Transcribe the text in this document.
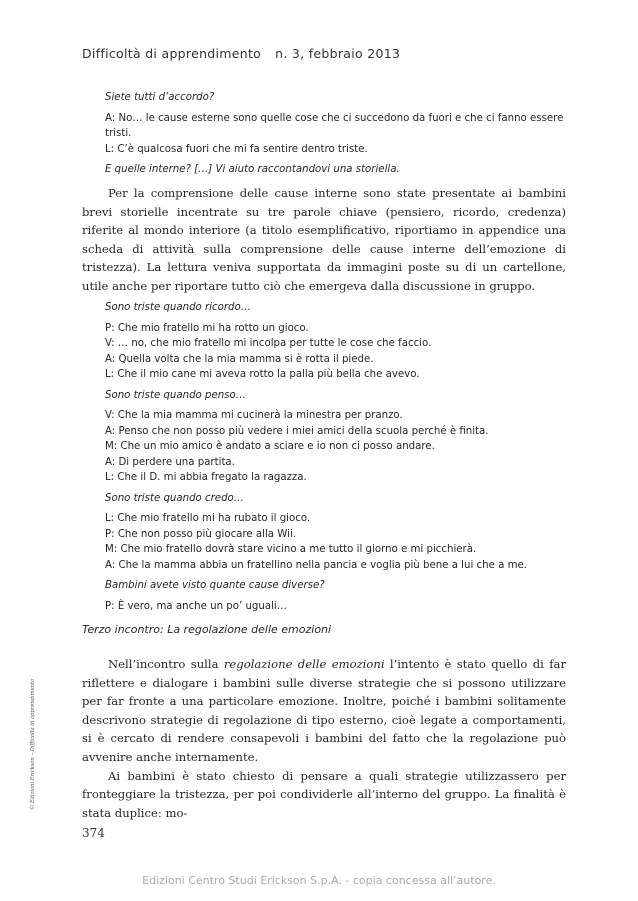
Difficoltà di apprendimento n. 3, febbraio 2013

Siete tutti d’accordo?

A: No… le cause esterne sono quelle cose che ci succedono da fuori e che ci fanno essere tristi.

L: C’è qualcosa fuori che mi fa sentire dentro triste.

E quelle interne? […] Vi aiuto raccontandovi una storiella.

Per la comprensione delle cause interne sono state presentate ai bambini brevi storielle incentrate su tre parole chiave (pensiero, ricordo, credenza) riferite al mondo interiore (a titolo esemplificativo, riportiamo in appendice una scheda di attività sulla comprensione delle cause interne dell’emozione di tristezza). La lettura veniva supportata da immagini poste su di un cartellone, utile anche per riportare tutto ciò che emergeva dalla discussione in gruppo.

Sono triste quando ricordo…

P: Che mio fratello mi ha rotto un gioco.

V: … no, che mio fratello mi incolpa per tutte le cose che faccio.

A: Quella volta che la mia mamma si è rotta il piede.

L: Che il mio cane mi aveva rotto la palla più bella che avevo.

Sono triste quando penso…

V: Che la mia mamma mi cucinerà la minestra per pranzo.

A: Penso che non posso più vedere i miei amici della scuola perché è finita.

M: Che un mio amico è andato a sciare e io non ci posso andare.

A: Di perdere una partita.

L: Che il D. mi abbia fregato la ragazza.

Sono triste quando credo…

L: Che mio fratello mi ha rubato il gioco.

P: Che non posso più giocare alla Wii.

M: Che mio fratello dovrà stare vicino a me tutto il giorno e mi picchierà.

A: Che la mamma abbia un fratellino nella pancia e voglia più bene a lui che a me.

Bambini avete visto quante cause diverse?

P: È vero, ma anche un po’ uguali…

Terzo incontro: La regolazione delle emozioni

Nell’incontro sulla regolazione delle emozioni l’intento è stato quello di far riflettere e dialogare i bambini sulle diverse strategie che si possono utilizzare per far fronte a una particolare emozione. Inoltre, poiché i bambini solitamente descrivono strategie di regolazione di tipo esterno, cioè legate a comportamenti, si è cercato di rendere consapevoli i bambini del fatto che la regolazione può avvenire anche internamente.

Ai bambini è stato chiesto di pensare a quali strategie utilizzassero per fronteggiare la tristezza, per poi condividerle all’interno del gruppo. La finalità è stata duplice: mo-

© Edizioni Erickson – Difficoltà di apprendimento
374
Edizioni Centro Studi Erickson S.p.A. - copia concessa all’autore.
